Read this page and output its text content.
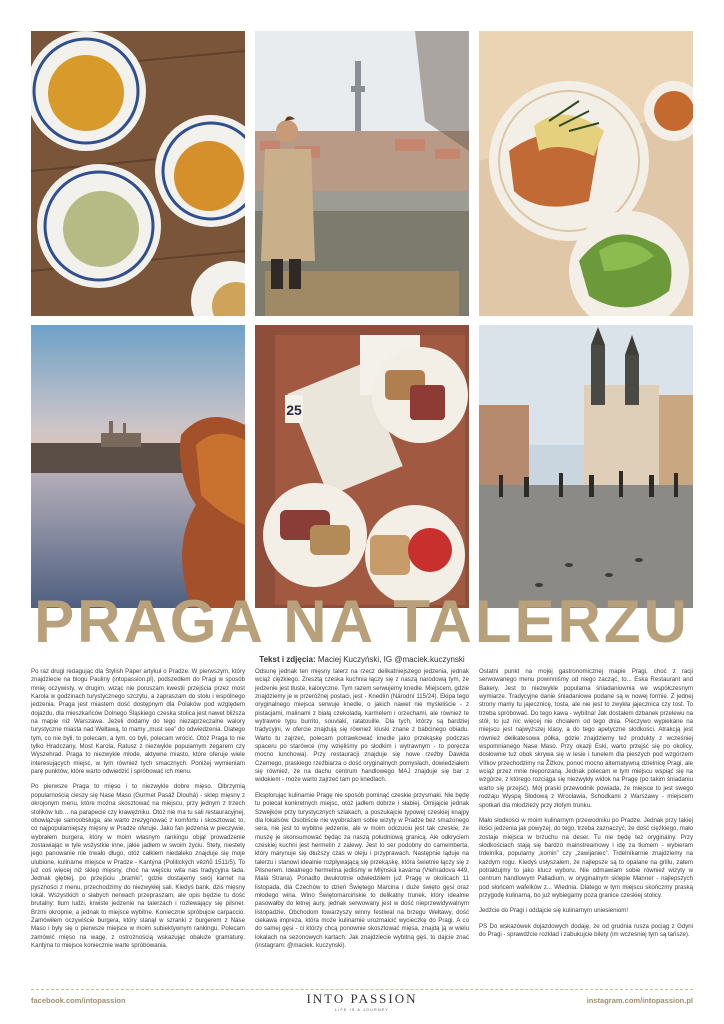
25
PRAGA NA TALERZU
Tekst i zdjęcia: Maciej Kuczyński, IG @maciek.kuczynski

Po raz drugi redagując dla Stylish Paper artykuł o Pradze. W pierwszym, który znajdziecie na blogu Pauliny (intopassion.pl), podszedłem do Pragi w sposób mniej oczywisty, w drugim, wiząc nie poruszam kwestii przejścia przez most Karola w godzinach turystycznego szczytu, a zapraszam do stołu i wspólnego jedzenia. Praga jest miastem dość dostępnym dla Polaków pod względem dojazdu, dla mieszkańców Dolnego Śląskiego czeska stolica jest nawet bliższa na mapie niż Warszawa. Jeżeli dodamy do tego niezaprzeczalne walory turystyczne miasta nad Wełtawą, to mamy „must see” do odwiedzenia. Dlatego tym, co nie byli, to polecam, a tym, co byli, polecam wrócić. Otóż Praga to nie tylko Hradczany, Most Karola, Ratusz z niezwykle popularnym zegarem czy Wyszehrad. Praga to niezwykle młode, aktywne miasto, które oferuje wiele interesujących miejsc, w tym również tych smacznych. Poniżej wymieniam parę punktów, które warto odwiedzić i spróbować ich menu.

Po pierwsze Praga to mięso i to niezwykle dobre mięso. Olbrzymią popularnością cieszy się Nase Maso (Gurmet Pasáž Dlouhá) - sklep mięsny z okrojonym menu, które można skosztować na miejscu, przy jednym z trzech stolików lub… na parapecie czy krawężniku. Otóż nie ma tu sali restauracyjnej, obowiązuje samoobsługa, ale warto zrezygnować z komfortu i skosztować to, co najpopularniejszy mięsny w Pradze oferuje. Jako fan jedzenia w pieczywie, wybrałem burgera, który w moim własnym rankingu objął prowadzenie zostawiając w tyle wszystkie inne, jakie jadłem w swoim życiu. Stety, niestety jego panowanie nie trwało długo, otóż całkiem niedaleko znajduje się moje ulubione, kulinarne miejsce w Pradze - Kantýna (Politických vězňů 1511/5). To już coś więcej niż sklep mięsny, choć na wejściu wita nas tradycyjna lada. Jednak głębiej, po przejściu „bramki”, gdzie dostajemy swój karnet na pyszności z menu, przechodzimy do niezwykłej sali. Kiedyś bank, dziś mięsny lokal. Wszystkich o słabych nerwach przepraszam, ale opis będzie tu dość brutalny: tłum ludzi, krwiste jedzenie na talerzach i rozlewający się pilsner. Brzmi okropnie, a jednak to miejsce wybitne. Koniecznie spróbujcie carpaccio. Zamówiłem oczywiście burgera, który stanął w szranki z burgerem z Nase Maso i były się o pierwsze miejsce w moim subiektywnym rankingu. Polecam zamówić mięso na wagę, z ostrożnością wskazując obałuże gramaturę. Kantýna to miejsce koniecznie warte spróbowania.

Odsunę jednak ten mięsny talerz na rzecz delikatniejszego jedzenia, jednak wciąż ciężkiego. Zresztą czeska kuchnia łączy się z naszą narodową tym, że jedzenie jest tłuste, kaloryczne. Tym razem serwujemy knedle. Miejscem, gdzie znajdziemy je w przeróżnej postaci, jest - Knedlín (Národní 115/24). Ekipa tego oryginalnego miejsca serwuje knedle, o jakich nawet nie myśleliście - z pistacjami, malinami z białą czekoladą, karmelem i orzechami, ale również te wytrawne typu burrito, souvlaki, ratatouille. Dla tych, którzy są bardziej tradycyjni, w ofercie znajdują się również kluski znane z babcinego obiadu. Warto tu zajrzeć, polecam potrawkować knedle jako przekąskę podczas spaceru po starówce (my wzięliśmy po słodkim i wytrawnym - to poręcza mocno lunchowa). Przy restauracji znajduje się nowe rzeźby Dawida Czernego, praskiego rzeźbiarza o dość oryginalnych pomysłach, dowiedziałem się również, że na dachu centrum handlowego MAJ znajduje się bar z widokiem - może warto zajrzeć tam po knedlach.

Eksplorując kulinarnie Pragę nie sposób pominąć czeskie przysmaki. Nie będę tu polecał konkretnych miejsc, otóż jadłem dobrze i słabiej. Omijajcie jednak Szwejków przy turystycznych szlakach, a poszukajcie typowej czeskiej knajpy dla lokalsów. Osobiście nie wyobrażam sobie wizyty w Pradze bez smażonego sera, nie jest to wybitne jedzenie, ale w moim odczuciu jest tak czeskie, że muszę je skonsumować będąc za naszą południową granicą. Ale odkryciem czeskiej kuchni jest hermelín z zalewy. Jest to ser podobny do camemberta, który marynuje się dłuższy czas w oleju i przyprawach. Następnie ląduje na talerzu i stanowi idealnie rozpływającą się przekąskę, która świetnie łączy się z Pilsnerem. Idealnego hermelína jedliśmy w Mlýnská kavárna (Vlehradova 449, Malá Strana). Ponadto dwukrotnie odwiedziłem już Pragę w okolicach 11 listopada, dla Czechów to dzień Świętego Marcina i duże święto gęsi oraz młodego wina. Wino Świętomarcińskie to delikatny trunek, który idealnie pasowałby do letnej aury, jednak serwowany jest w dość nieprzewidywalnym listopadzie. Obchodom towarzyszy winny festiwal na brzegu Wełtawy, dość ciekawa impreza, która może kulinarnie urozmaicić wycieczkę do Pragi. A co do samej gęsi - ci którzy chcą ponownie skosztować mięsa, znajdą ją w wielu lokalach na sezonowych kartach. Jak znajdziecie wybitną gęś, to dajcie znać (instagram: @maciek. kuczynski).

Ostatni punkt na mojej gastronomicznej mapie Pragi, choć z racji serwowanego menu powinniśmy od niego zacząć, to... Eska Restaurant and Bakery. Jest to niezwykle popularna śniadaniownia we współczesnym wymiarze. Tradycyjne danie śniadaniowe podane są w nowej formie. Z jednej strony mamy tu jajecznicę, tosta, ale nie jest to zwykła jajecznica czy tost. To trzeba spróbować. Do tego kawa - wybitna! Jak dostałem dzbanek przelewu na stół, to już nic więcej nie chciałem od tego dnia. Pieczywo wypiekane na miejscu jest najwyższej klasy, a do tego apetyczne słodkości. Atrakcją jest również delikatesowa półka, gdzie znajdziemy też produkty z wcześniej wspomnianego Nase Maso. Przy okazji Eski, warto przejść się po okolicy, dosłownie tuż obok skrywa się w lesie i tunelem dla pieszych pod wzgórzem Vítkov przechodzimy na Žižkov, ponoć mocno alternatywną dzielnicę Pragi, ale wciąż przez mnie nieponzaną. Jednak polecam w tym miejscu wspiąć się na wzgórze, z którego rozciąga się niezwykły widok na Pragę (po takim śniadaniu warto się przejść). Mój praski przewodnik powiada, że miejsce to jest swego rodzaju Wyspą Słodową z Wrocławia, Schodkami z Warszawy - miejscem spotkań dla młodzieży przy złotym trunku.

Mało słodkości w moim kulinarnym przewodniku po Pradze. Jednak przy takiej ilości jedzenia jak powyżej, do tego, trzeba zaznaczyć, że dość ciężkiego, mało zostaje miejsca w brzuchu na deser. Tu nie będę też oryginalny. Przy słodkościach stają się bardzo mainstreamowy i idę za tłumem - wybieram trdelníka, popularny „komin” czy „zawijaniec”. Trdelníkarnie znajdziemy na każdym rogu. Kiedyś usłyszałem, że najlepsze są to opalane na grillu, zatem potraktujmy to jako klucz wyboru. Nie odmawiam sobie również wizyty w centrum handlowym Palladium, w oryginalnym sklepie Manner - najlepszych pod słońcem wafelków z... Wiednia. Dlatego w tym miejscu skończmy praską przygodę kulinarną, bo już wybiegamy poza granice czeskiej stolicy.

Jedźcie do Pragi i oddajcie się kulinarnym uniesieniom!

PS Do wskazówek dojazdowych dodaję, że od grudnia rusza pociąg z Gdyni do Pragi - sprawdźcie rozkład i zabukujcie bilety (im wcześniej tym są tańsze).

facebook.com/intopassion	INTO PASSION
LIFE IS A JOURNEY
instagram.com/intopassion.pl
